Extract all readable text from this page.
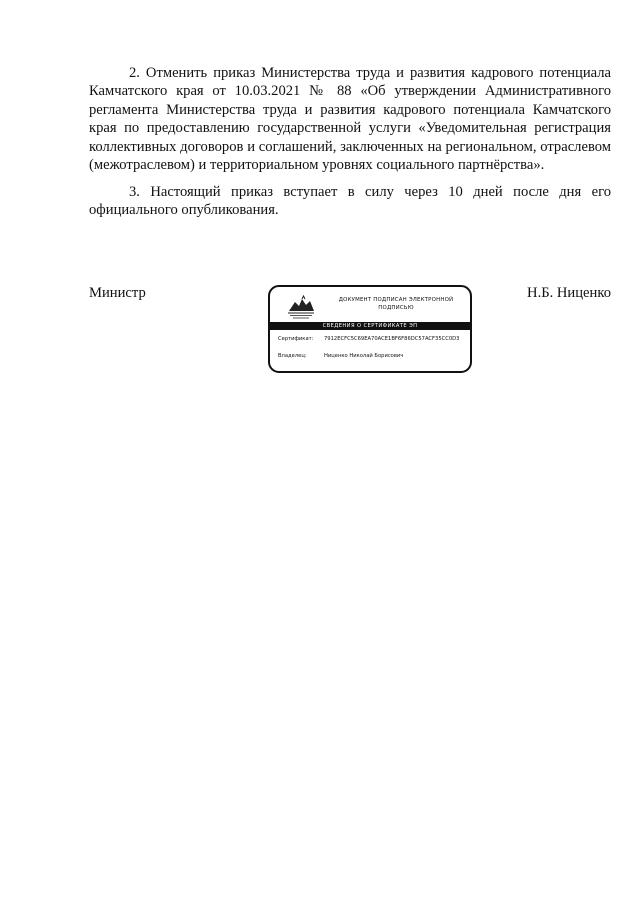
2. Отменить приказ Министерства труда и развития кадрового потенциала Камчатского края от 10.03.2021 № 88 «Об утверждении Административного регламента Министерства труда и развития кадрового потенциала Камчатского края по предоставлению государственной услуги «Уведомительная регистрация коллективных договоров и соглашений, заключенных на региональном, отраслевом (межотраслевом) и территориальном уровнях социального партнёрства».

3. Настоящий приказ вступает в силу через 10 дней после дня его официального опубликования.

Министр	Н.Б. Ниценко
ДОКУМЕНТ ПОДПИСАН ЭЛЕКТРОННОЙ ПОДПИСЬЮ
СВЕДЕНИЯ О СЕРТИФИКАТЕ ЭП
Сертификат: 7912ECFC5C69EA70ACE1BF6F86DC57ACF35CC0D3
Владелец:	Ниценко Николай Борисович
